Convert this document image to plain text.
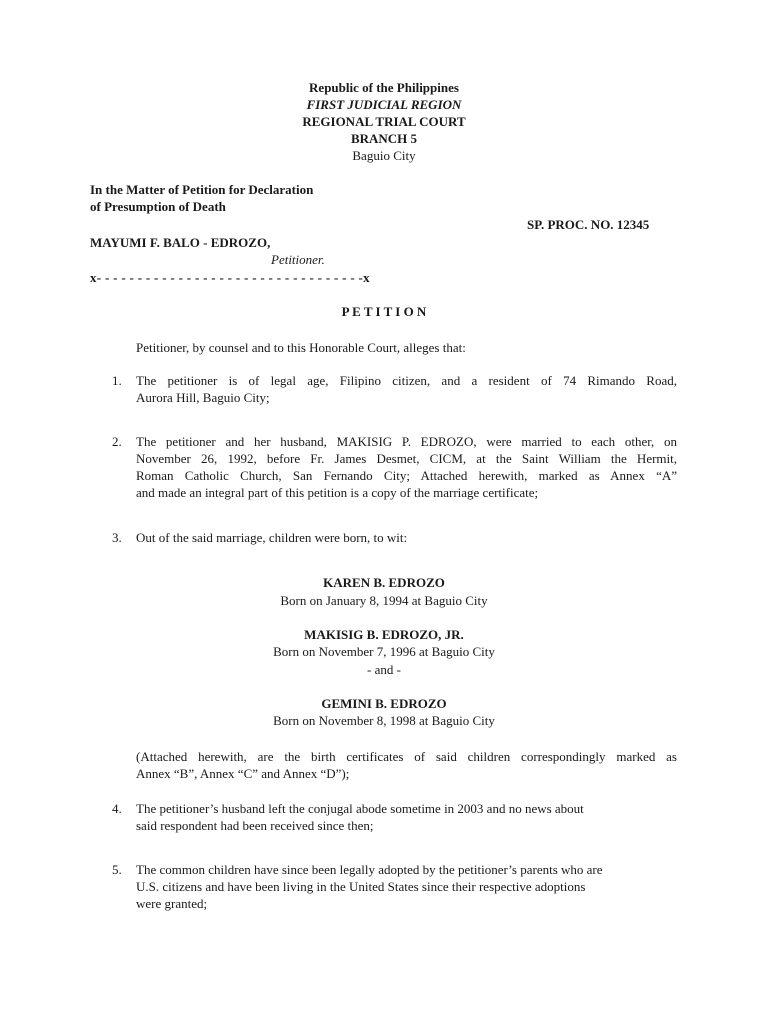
Republic of the Philippines
FIRST JUDICIAL REGION
REGIONAL TRIAL COURT
BRANCH 5
Baguio City
In the Matter of Petition for Declaration
of Presumption of Death
SP. PROC. NO. 12345
MAYUMI F. BALO - EDROZO,
Petitioner.
x- - - - - - - - - - - - - - - - - - - - - - - - - - - - - - - - -x
P E T I T I O N
Petitioner, by counsel and to this Honorable Court, alleges that:
1. The petitioner is of legal age, Filipino citizen, and a resident of 74 Rimando Road,
Aurora Hill, Baguio City;
2. The petitioner and her husband, MAKISIG P. EDROZO, were married to each other, on
November 26, 1992, before Fr. James Desmet, CICM, at the Saint William the Hermit,
Roman Catholic Church, San Fernando City; Attached herewith, marked as Annex “A”
and made an integral part of this petition is a copy of the marriage certificate;
3. Out of the said marriage, children were born, to wit:
KAREN B. EDROZO
Born on January 8, 1994 at Baguio City
MAKISIG B. EDROZO, JR.
Born on November 7, 1996 at Baguio City
- and -
GEMINI B. EDROZO
Born on November 8, 1998 at Baguio City
(Attached herewith, are the birth certificates of said children correspondingly marked as
Annex “B”, Annex “C” and Annex “D”);
4. The petitioner’s husband left the conjugal abode sometime in 2003 and no news about
said respondent had been received since then;
5. The common children have since been legally adopted by the petitioner’s parents who are
U.S. citizens and have been living in the United States since their respective adoptions
were granted;
